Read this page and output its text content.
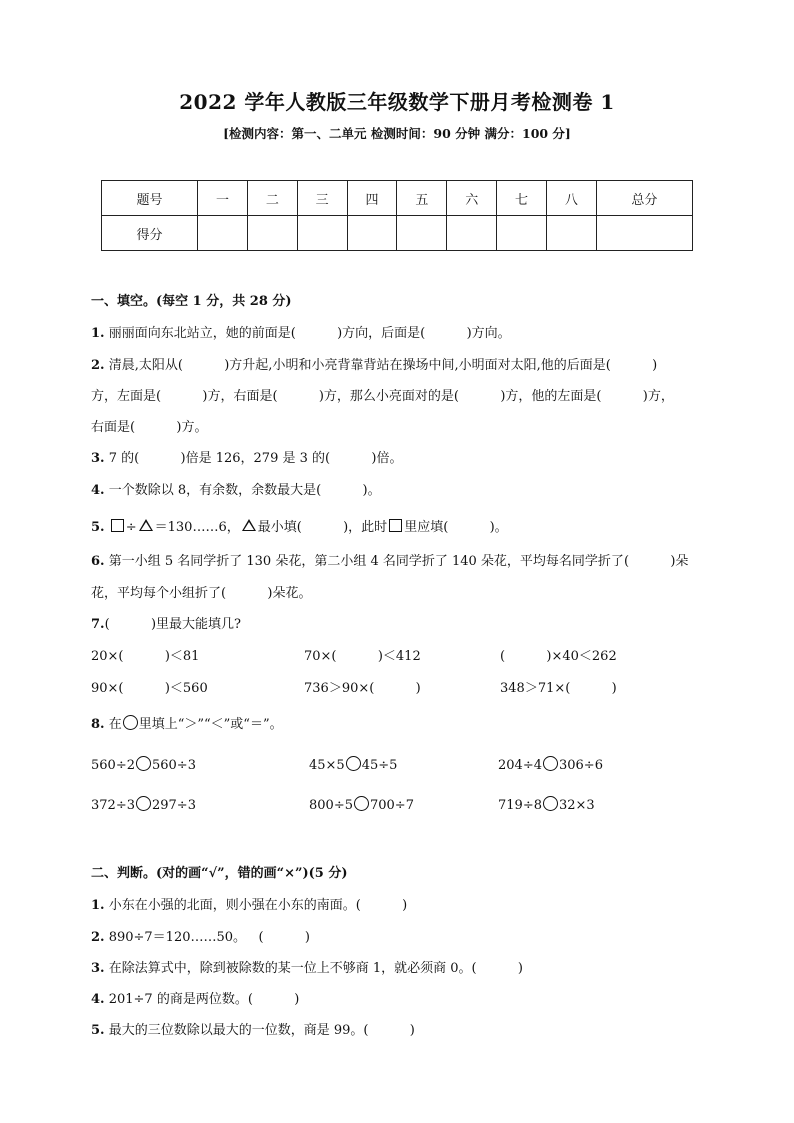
2022 学年人教版三年级数学下册月考检测卷 1
[检测内容：第一、二单元 检测时间：90 分钟 满分：100 分]
题号	一	二	三	四	五	六	七	八	总分
得分									
一、填空。(每空 1 分，共 28 分)
1. 丽丽面向东北站立，她的前面是(          )方向，后面是(          )方向。
2. 清晨,太阳从(          )方升起,小明和小亮背靠背站在操场中间,小明面对太阳,他的后面是(          )
方，左面是(          )方，右面是(          )方，那么小亮面对的是(          )方，他的左面是(          )方，
右面是(          )方。
3. 7 的(          )倍是 126，279 是 3 的(          )倍。
4. 一个数除以 8，有余数，余数最大是(          )。
5. ÷ ＝130……6， 最小填(          )，此时 里应填(          )。
6. 第一小组 5 名同学折了 130 朵花，第二小组 4 名同学折了 140 朵花，平均每名同学折了(          )朵
花，平均每个小组折了(          )朵花。
7.(          )里最大能填几?
20×(          )＜81	70×(          )＜412	(          )×40＜262
90×(          )＜560	736＞90×(          )	348＞71×(          )
8. 在 里填上“＞”“＜”或“＝”。
560÷2 560÷3	45×5 45÷5	204÷4 306÷6
372÷3 297÷3	800÷5 700÷7	719÷8 32×3
二、判断。(对的画“√”，错的画“×”)(5 分)
1. 小东在小强的北面，则小强在小东的南面。(          )
2. 890÷7＝120……50。   (          )
3. 在除法算式中，除到被除数的某一位上不够商 1，就必须商 0。(          )
4. 201÷7 的商是两位数。(          )
5. 最大的三位数除以最大的一位数，商是 99。(          )
